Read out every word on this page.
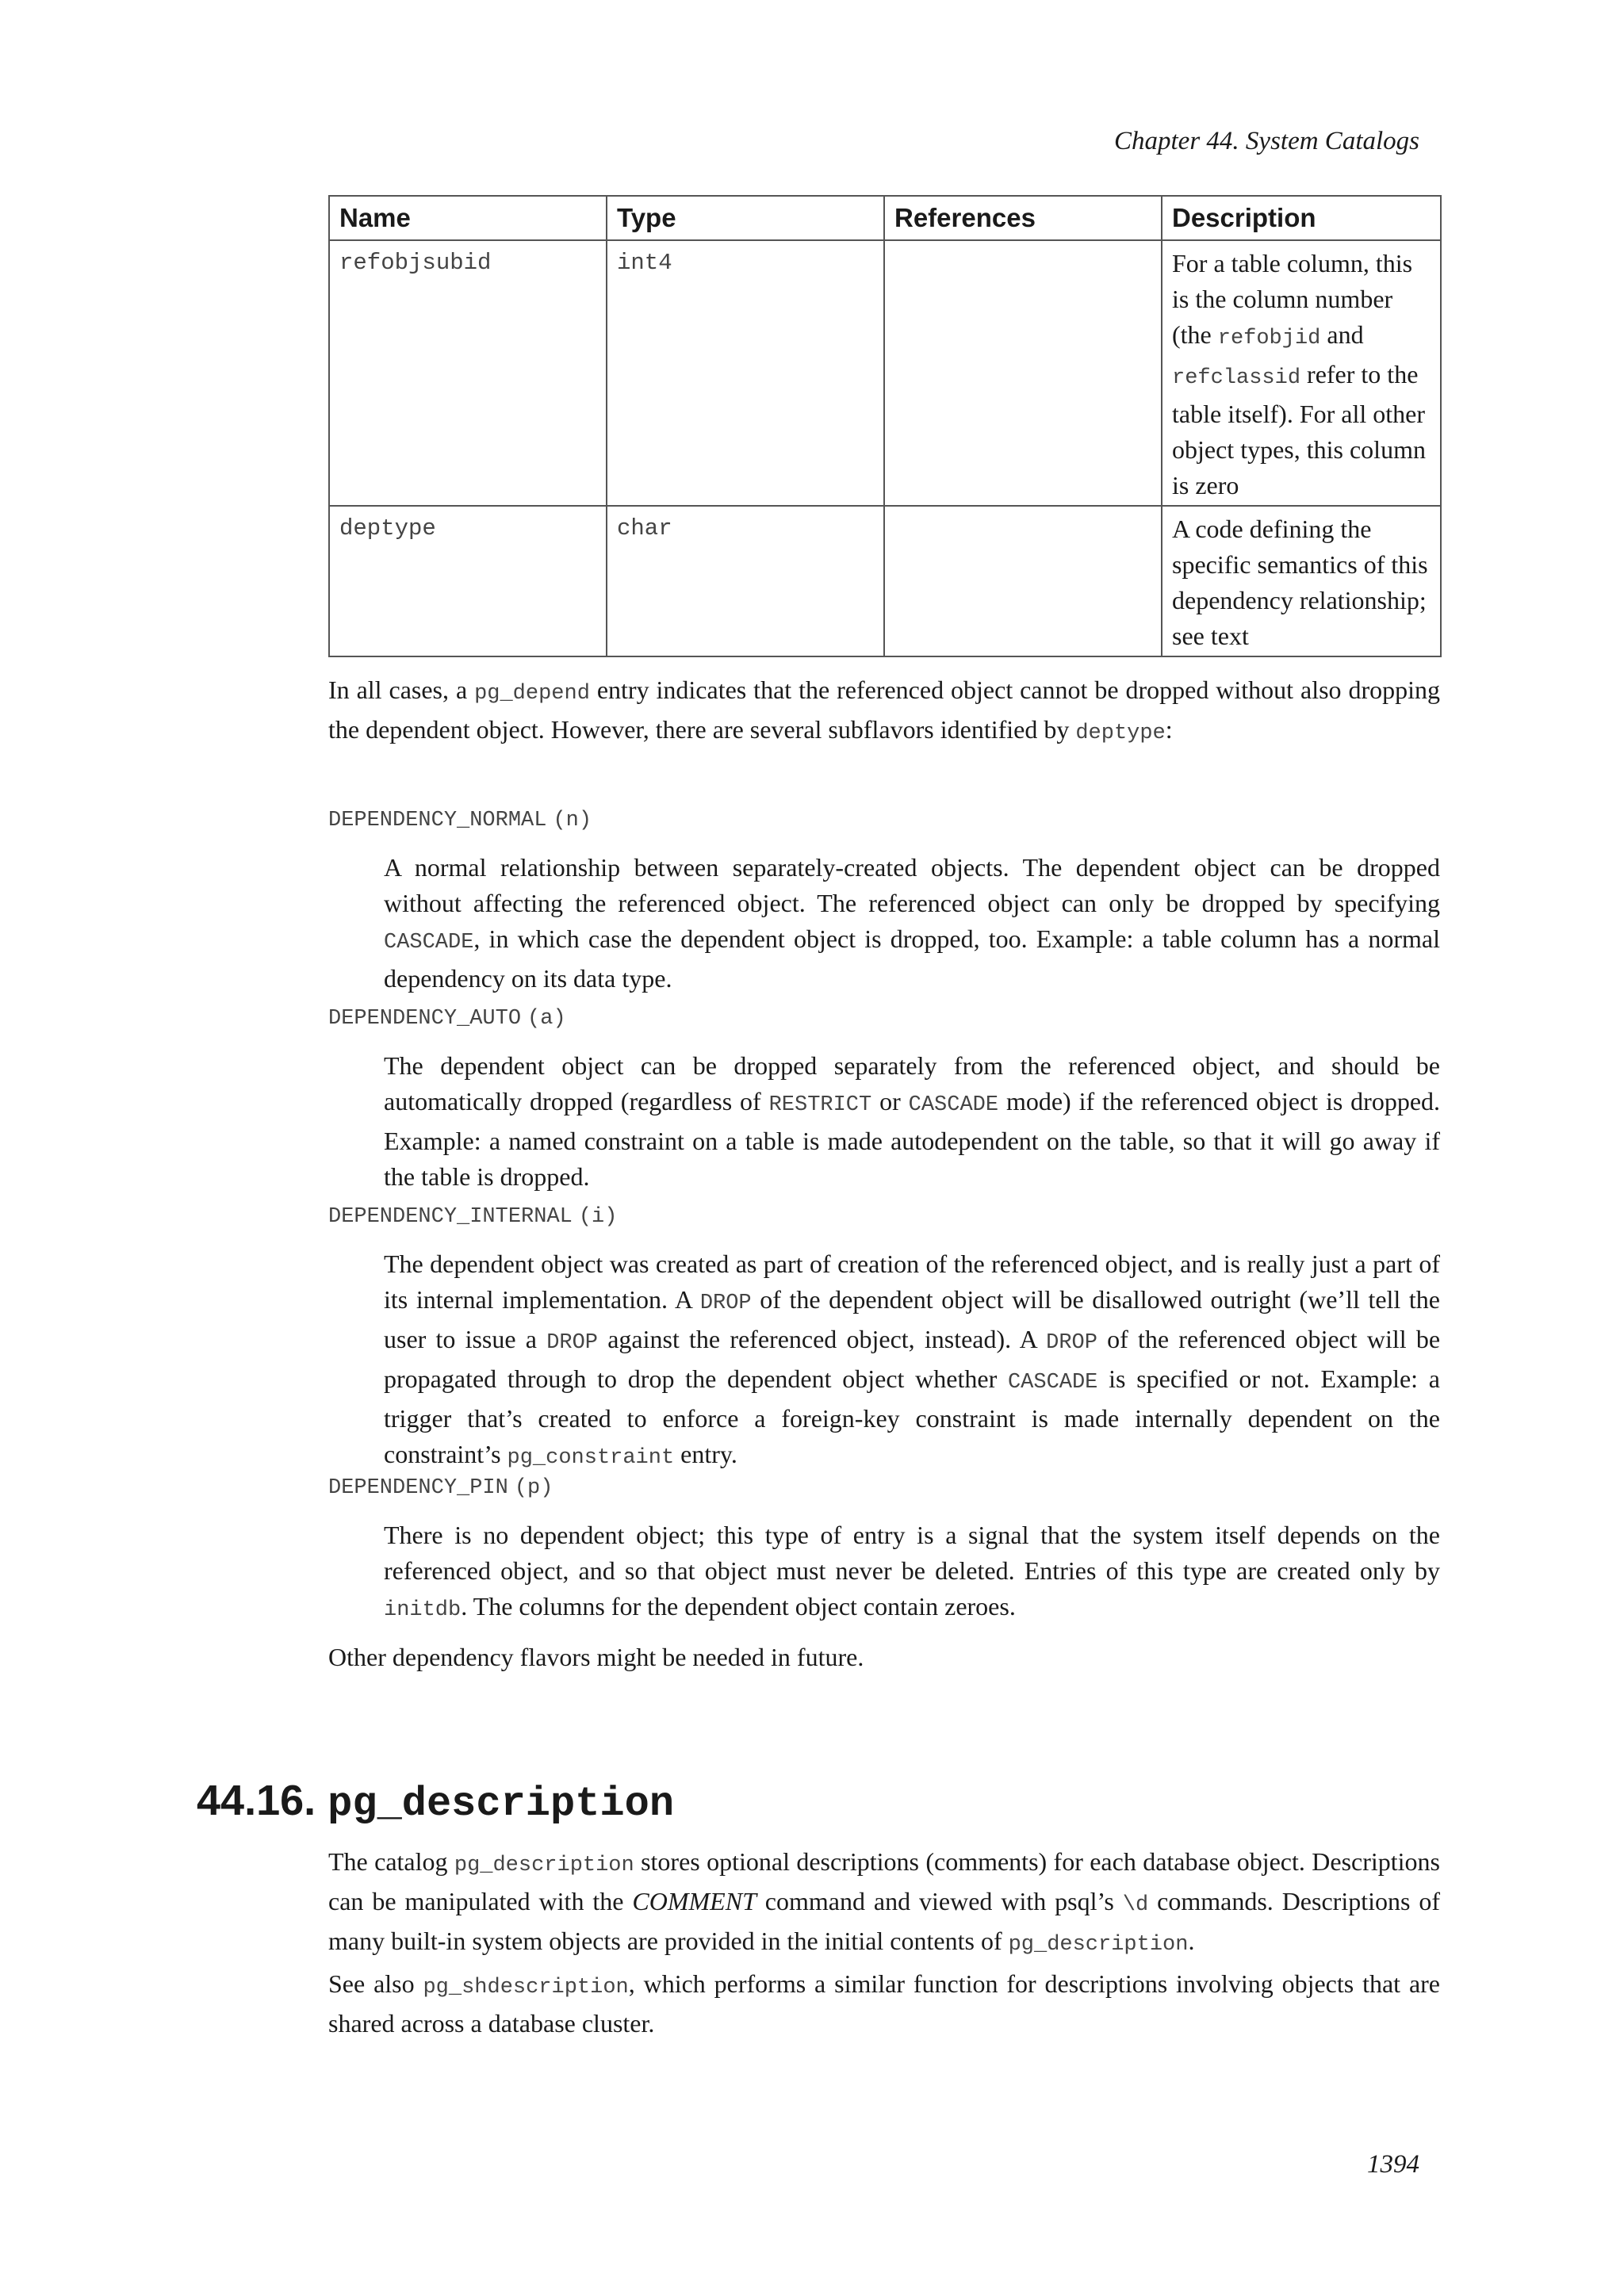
Chapter 44. System Catalogs
Name	Type	References	Description
refobjsubid	int4		For a table column, this is the column number (the refobjid and refclassid refer to the table itself). For all other object types, this column is zero
deptype	char		A code defining the specific semantics of this dependency relationship; see text

In all cases, a pg_depend entry indicates that the referenced object cannot be dropped without also dropping the dependent object. However, there are several subflavors identified by deptype:

DEPENDENCY_NORMAL (n)

A normal relationship between separately-created objects. The dependent object can be dropped without affecting the referenced object. The referenced object can only be dropped by specifying CASCADE, in which case the dependent object is dropped, too. Example: a table column has a normal dependency on its data type.

DEPENDENCY_AUTO (a)

The dependent object can be dropped separately from the referenced object, and should be automatically dropped (regardless of RESTRICT or CASCADE mode) if the referenced object is dropped. Example: a named constraint on a table is made autodependent on the table, so that it will go away if the table is dropped.

DEPENDENCY_INTERNAL (i)

The dependent object was created as part of creation of the referenced object, and is really just a part of its internal implementation. A DROP of the dependent object will be disallowed outright (we’ll tell the user to issue a DROP against the referenced object, instead). A DROP of the referenced object will be propagated through to drop the dependent object whether CASCADE is specified or not. Example: a trigger that’s created to enforce a foreign-key constraint is made internally dependent on the constraint’s pg_constraint entry.

DEPENDENCY_PIN (p)

There is no dependent object; this type of entry is a signal that the system itself depends on the referenced object, and so that object must never be deleted. Entries of this type are created only by initdb. The columns for the dependent object contain zeroes.

Other dependency flavors might be needed in future.

44.16. pg_description

The catalog pg_description stores optional descriptions (comments) for each database object. Descriptions can be manipulated with the COMMENT command and viewed with psql’s \d commands. Descriptions of many built-in system objects are provided in the initial contents of pg_description.

See also pg_shdescription, which performs a similar function for descriptions involving objects that are shared across a database cluster.

1394
